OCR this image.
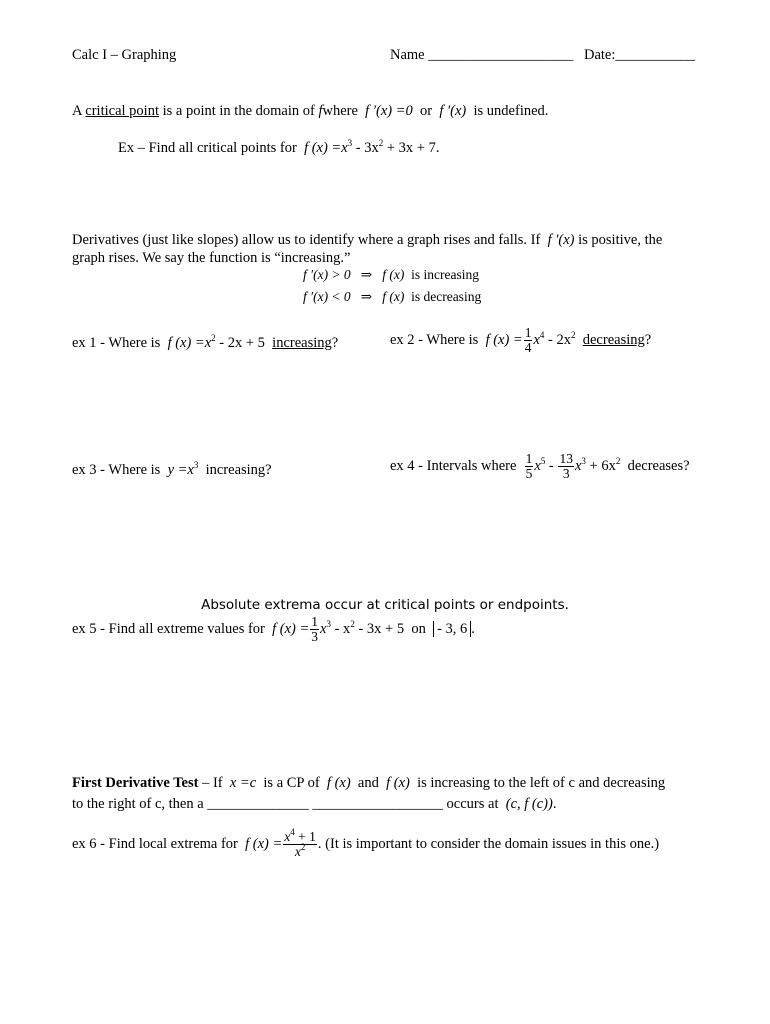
Calc I – Graphing	Name ____________________ Date:___________
A critical point is a point in the domain of fwhere f ′(x) =0 or f ′(x) is undefined.
Ex – Find all critical points for f $(x) =x^3 - 3x^2 + 3x + 7$.
Derivatives (just like slopes) allow us to identify where a graph rises and falls. If f ′(x) is positive, the
graph rises. We say the function is “increasing.”
f ′(x) > 0 ⇒ f (x) is increasing
f ′(x) < 0 ⇒ f (x) is decreasing
ex 1 - Where is f $(x) =x^2 - 2x + 5$ increasing?	ex 2 - Where is f $(x) = \frac{1}{4} x^4 - 2x^2$ decreasing?
ex 3 - Where is $y =x^3$ increasing?	ex 4 - Intervals where $\frac{1}{5} x^5 - \frac{13}{3} x^3 + 6x^2$ decreases?
Absolute extrema occur at critical points or endpoints.
ex 5 - Find all extreme values for f $(x) = \frac{1}{3} x^3 - x^2 - 3x + 5$ on - 3, 6 .
First Derivative Test – If x =c is a CP of f (x) and f (x) is increasing to the left of c and decreasing
to the right of c, then a ______________ __________________ occurs at (c, f (c)).
ex 6 - Find local extrema for f $(x) = \frac{x^4 + 1}{x^2}$ . (It is important to consider the domain issues in this one.)
